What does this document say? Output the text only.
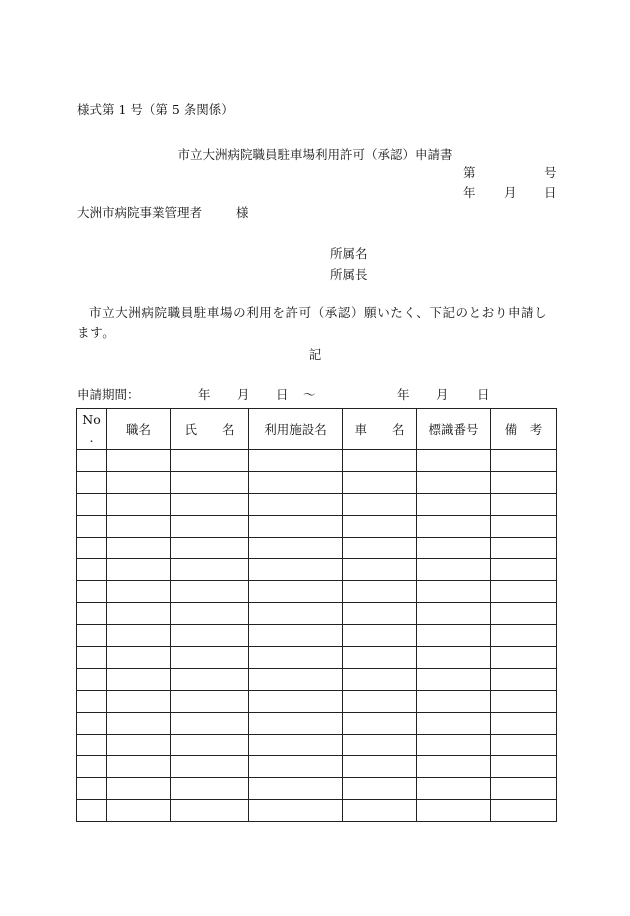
様式第 1 号（第 5 条関係）
市立大洲病院職員駐車場利用許可（承認）申請書
第	号
年 月 日
大洲市病院事業管理者	様
所属名
所属長
市立大洲病院職員駐車場の利用を許可（承認）願いたく、下記のとおり申請します。
記
申請期間：	年 月 日 〜	年 月 日
No
.	職名	氏　　名	利用施設名	車　　名	標識番号	備　考
